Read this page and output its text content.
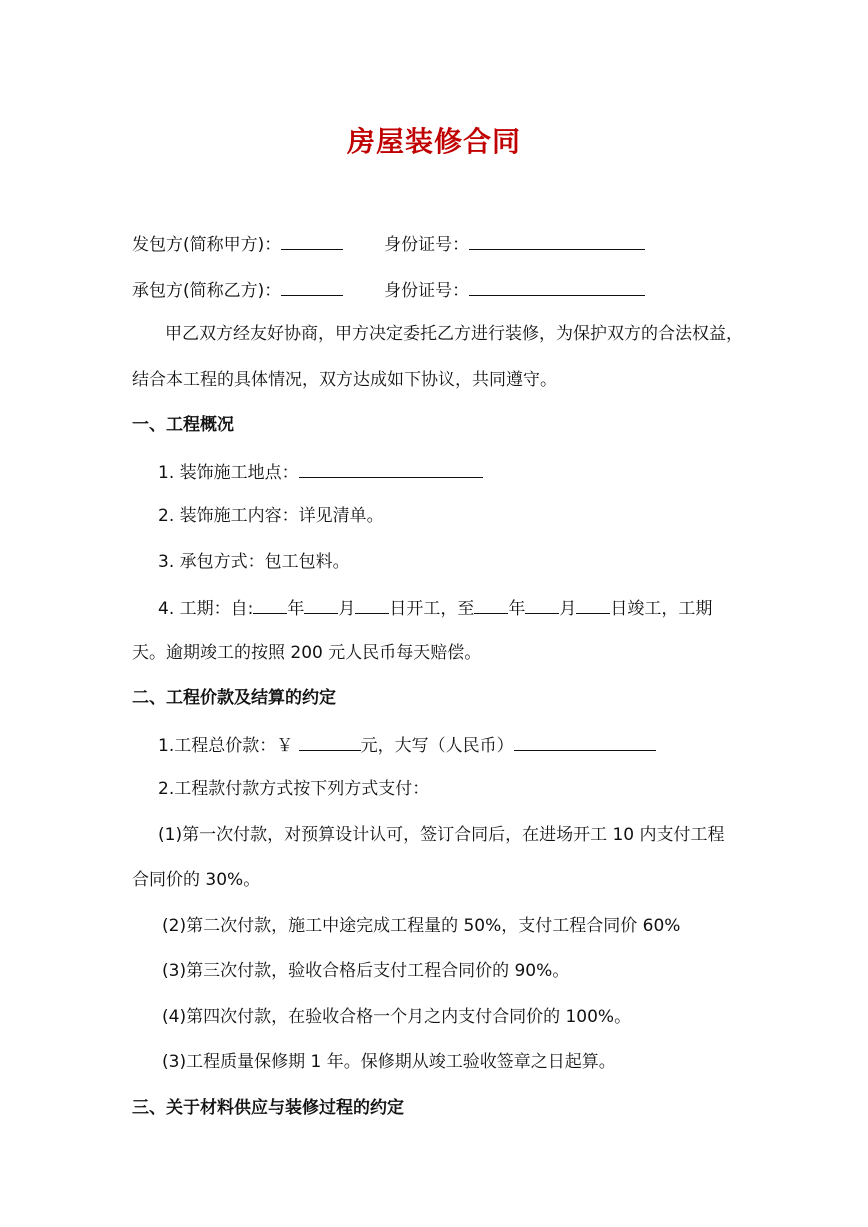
房屋装修合同
发包方(简称甲方)：	身份证号：
承包方(简称乙方)：	身份证号：
甲乙双方经友好协商，甲方决定委托乙方进行装修，为保护双方的合法权益，
结合本工程的具体情况，双方达成如下协议，共同遵守。
一、工程概况
1. 装饰施工地点：
2. 装饰施工内容：详见清单。
3. 承包方式：包工包料。
4. 工期：自: 年 月 日开工，至 年 月 日竣工，工期
天。逾期竣工的按照 200 元人民币每天赔偿。
二、工程价款及结算的约定
1.工程总价款：￥	元，大写（人民币）
2.工程款付款方式按下列方式支付：
(1)第一次付款，对预算设计认可，签订合同后，在进场开工 10 内支付工程
合同价的 30%。
(2)第二次付款，施工中途完成工程量的 50%，支付工程合同价 60%
(3)第三次付款，验收合格后支付工程合同价的 90%。
(4)第四次付款，在验收合格一个月之内支付合同价的 100%。
(3)工程质量保修期 1 年。保修期从竣工验收签章之日起算。
三、关于材料供应与装修过程的约定
